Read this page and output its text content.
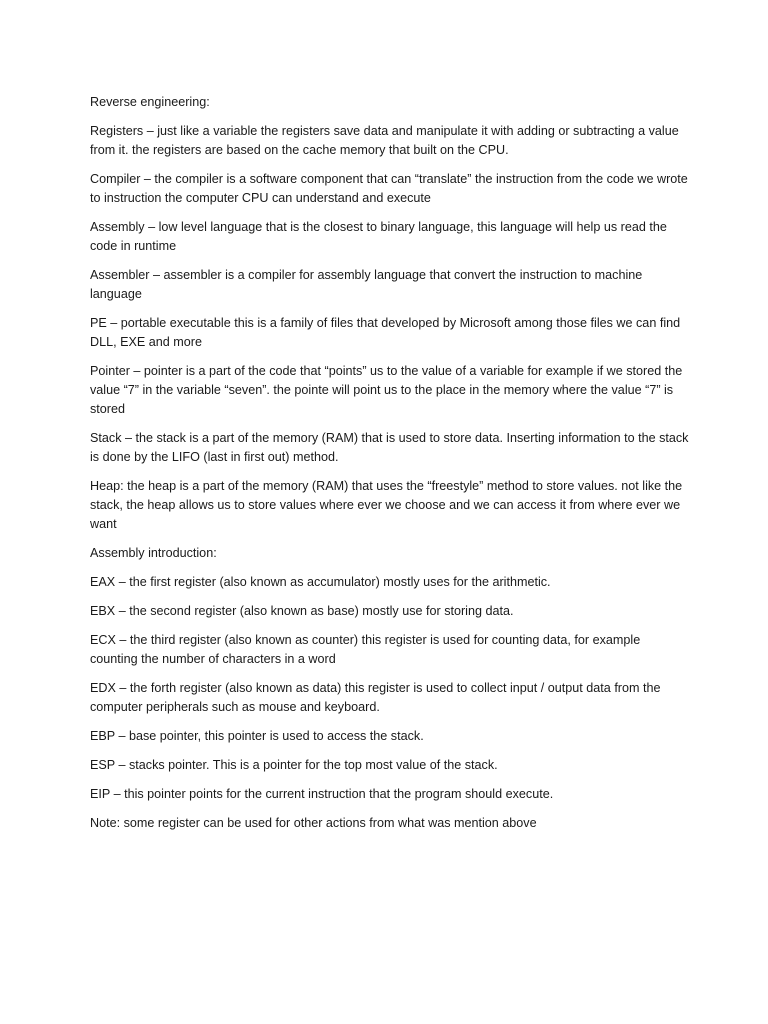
Reverse engineering:

Registers – just like a variable the registers save data and manipulate it with adding or subtracting a value from it. the registers are based on the cache memory that built on the CPU.

Compiler – the compiler is a software component that can “translate” the instruction from the code we wrote to instruction the computer CPU can understand and execute

Assembly – low level language that is the closest to binary language, this language will help us read the code in runtime

Assembler – assembler is a compiler for assembly language that convert the instruction to machine language

PE – portable executable this is a family of files that developed by Microsoft among those files we can find DLL, EXE and more

Pointer – pointer is a part of the code that “points” us to the value of a variable for example if we stored the value “7” in the variable “seven”. the pointe will point us to the place in the memory where the value “7” is stored

Stack – the stack is a part of the memory (RAM) that is used to store data. Inserting information to the stack is done by the LIFO (last in first out) method.

Heap: the heap is a part of the memory (RAM) that uses the “freestyle” method to store values. not like the stack, the heap allows us to store values where ever we choose and we can access it from where ever we want

Assembly introduction:

EAX – the first register (also known as accumulator) mostly uses for the arithmetic.

EBX – the second register (also known as base) mostly use for storing data.

ECX – the third register (also known as counter) this register is used for counting data, for example counting the number of characters in a word

EDX – the forth register (also known as data) this register is used to collect input / output data from the computer peripherals such as mouse and keyboard.

EBP – base pointer, this pointer is used to access the stack.

ESP – stacks pointer. This is a pointer for the top most value of the stack.

EIP – this pointer points for the current instruction that the program should execute.

Note: some register can be used for other actions from what was mention above
